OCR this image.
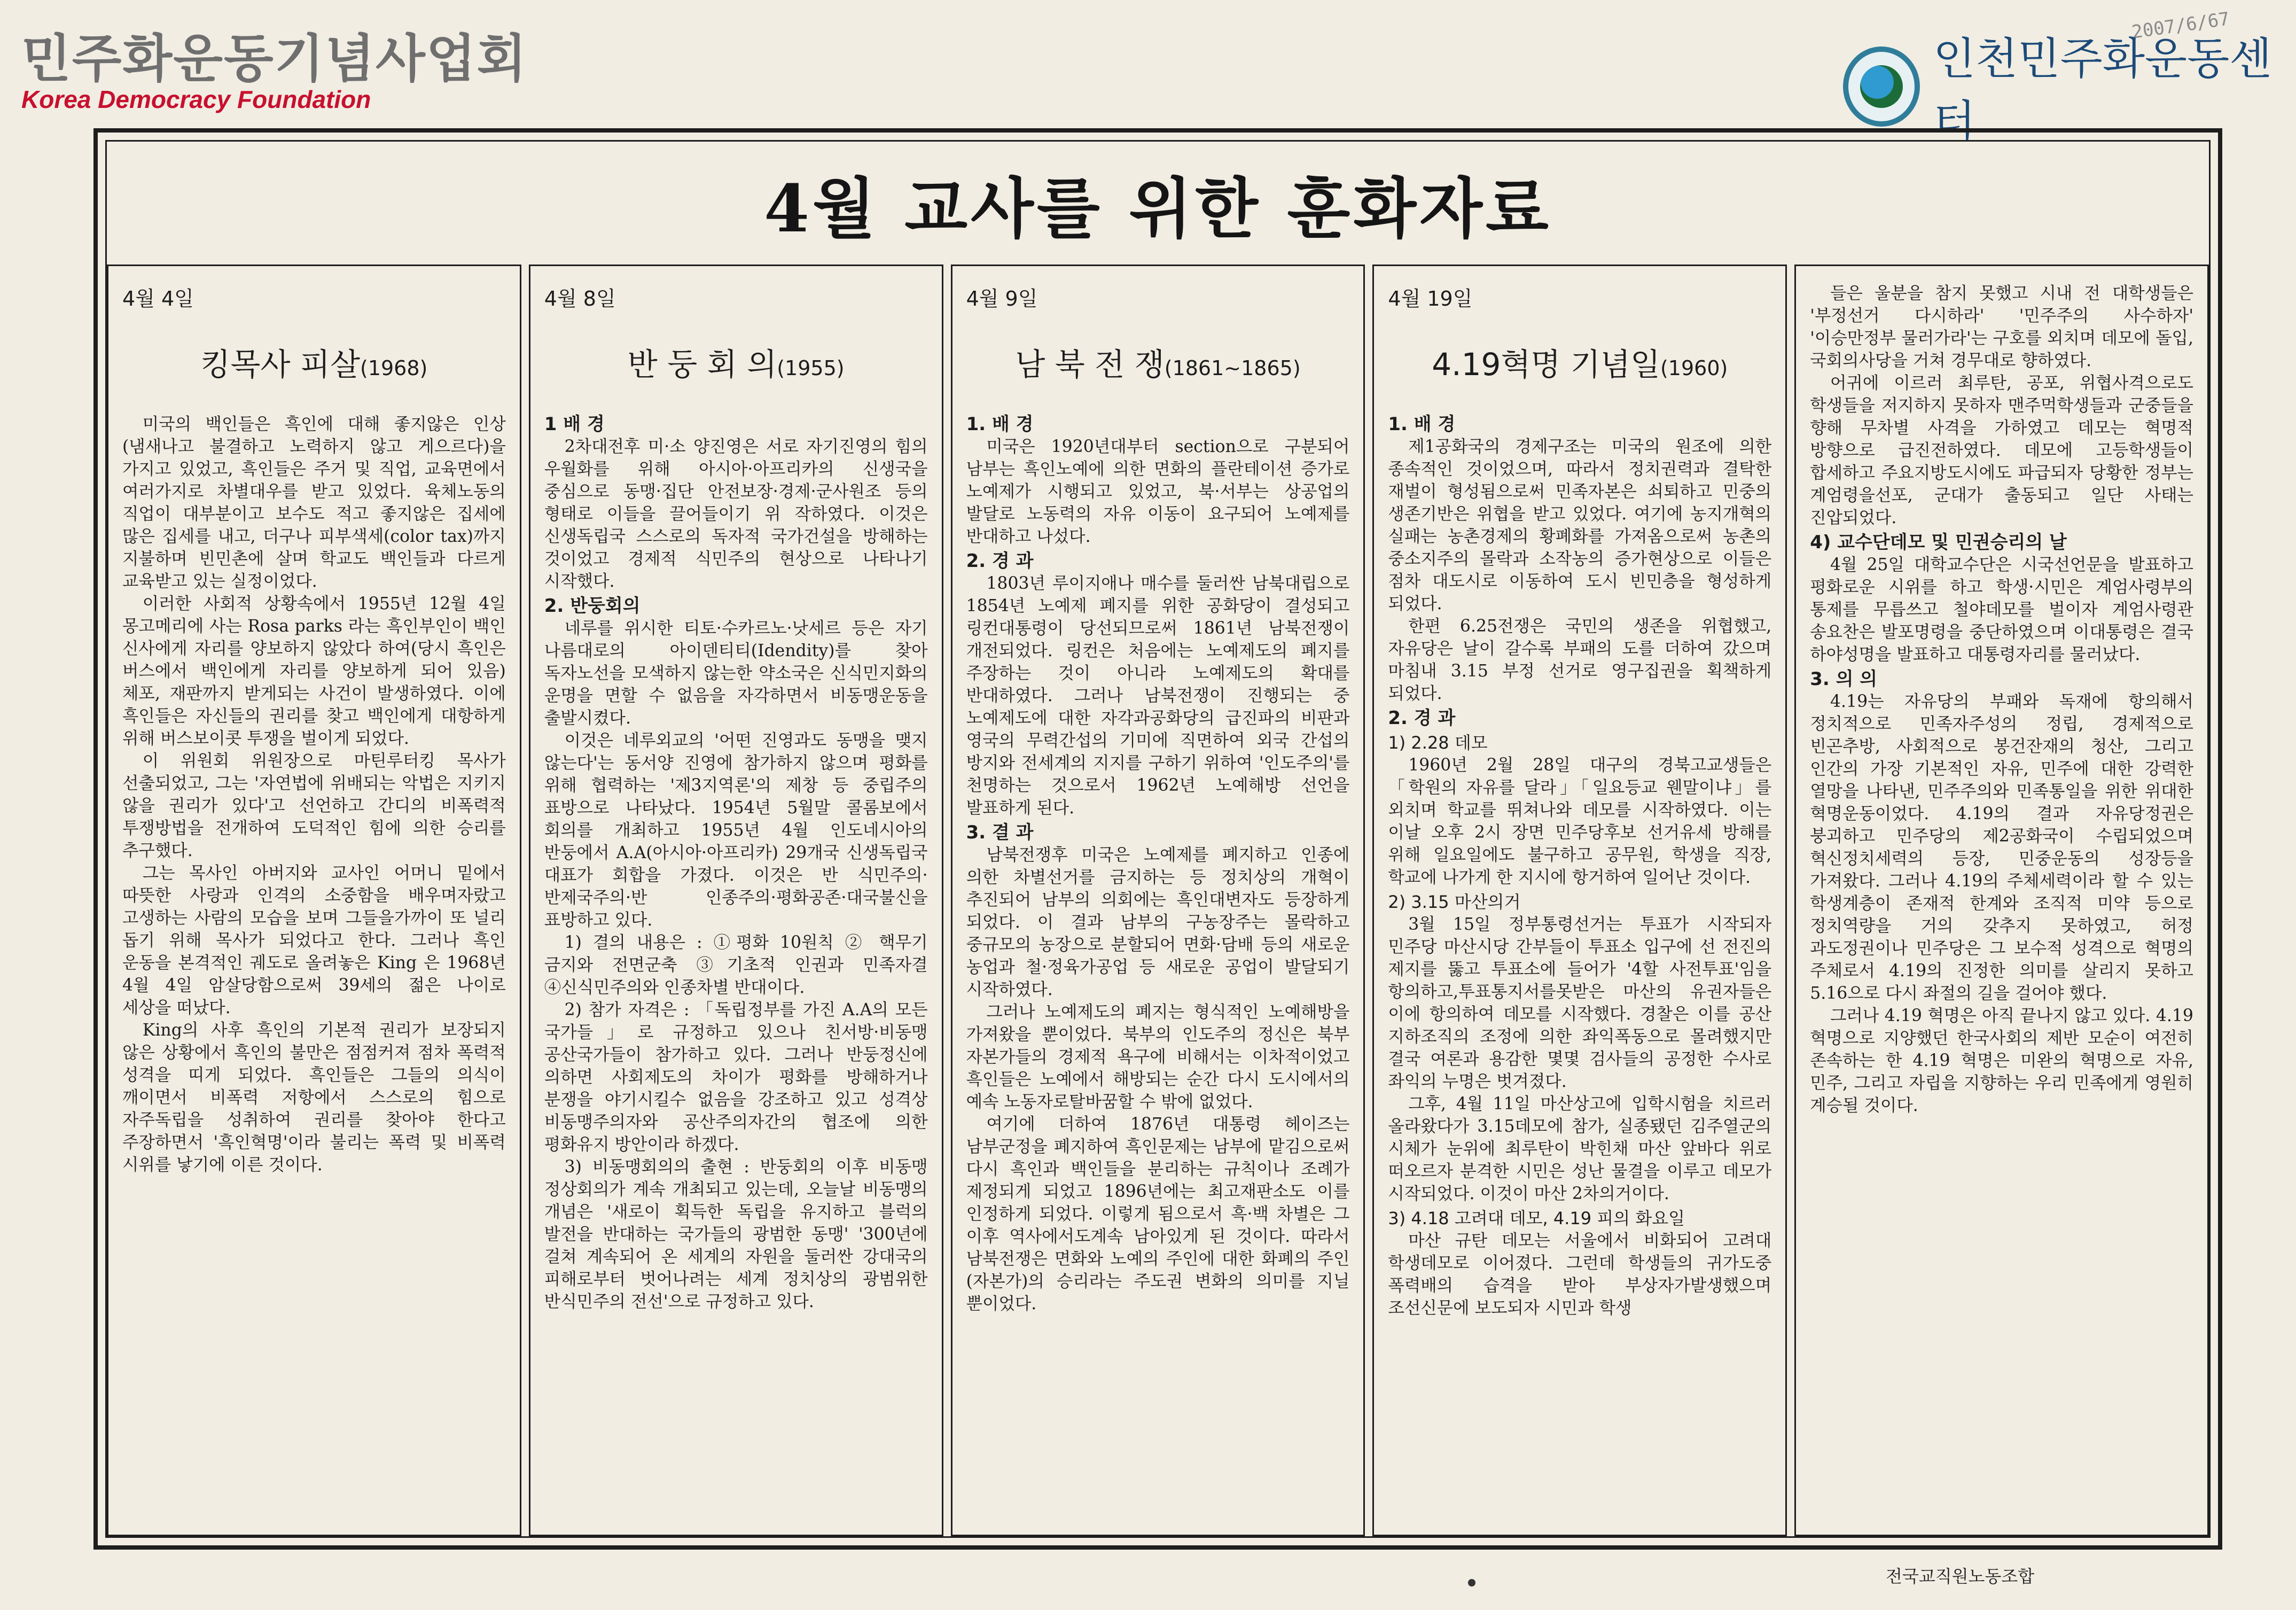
민주화운동기념사업회
Korea Democracy Foundation
2007/6/67
인천민주화운동센터
4월 교사를 위한 훈화자료
4월 4일
킹목사 피살(1968)

미국의 백인들은 흑인에 대해 좋지않은 인상(냄새나고 불결하고 노력하지 않고 게으르다)을 가지고 있었고, 흑인들은 주거 및 직업, 교육면에서 여러가지로 차별대우를 받고 있었다. 육체노동의 직업이 대부분이고 보수도 적고 좋지않은 집세에 많은 집세를 내고, 더구나 피부색세(color tax)까지 지불하며 빈민촌에 살며 학교도 백인들과 다르게 교육받고 있는 실정이었다.

이러한 사회적 상황속에서 1955년 12월 4일 몽고메리에 사는 Rosa parks 라는 흑인부인이 백인 신사에게 자리를 양보하지 않았다 하여(당시 흑인은 버스에서 백인에게 자리를 양보하게 되어 있음) 체포, 재판까지 받게되는 사건이 발생하였다. 이에 흑인들은 자신들의 권리를 찾고 백인에게 대항하게 위해 버스보이콧 투쟁을 벌이게 되었다.

이 위원회 위원장으로 마틴루터킹 목사가 선출되었고, 그는 '자연법에 위배되는 악법은 지키지 않을 권리가 있다'고 선언하고 간디의 비폭력적 투쟁방법을 전개하여 도덕적인 힘에 의한 승리를 추구했다.

그는 목사인 아버지와 교사인 어머니 밑에서 따뜻한 사랑과 인격의 소중함을 배우며자랐고 고생하는 사람의 모습을 보며 그들을가까이 또 널리 돕기 위해 목사가 되었다고 한다. 그러나 흑인 운동을 본격적인 궤도로 올려놓은 King 은 1968년 4월 4일 암살당함으로써 39세의 젊은 나이로 세상을 떠났다.

King의 사후 흑인의 기본적 권리가 보장되지 않은 상황에서 흑인의 불만은 점점커져 점차 폭력적 성격을 띠게 되었다. 흑인들은 그들의 의식이 깨이면서 비폭력 저항에서 스스로의 힘으로 자주독립을 성취하여 권리를 찾아야 한다고 주장하면서 '흑인혁명'이라 불리는 폭력 및 비폭력 시위를 낳기에 이른 것이다.

4월 8일
반 둥 회 의(1955)

1 배 경

2차대전후 미·소 양진영은 서로 자기진영의 힘의 우월화를 위해 아시아·아프리카의 신생국을 중심으로 동맹·집단 안전보장·경제·군사원조 등의 형태로 이들을 끌어들이기 위 작하였다. 이것은 신생독립국 스스로의 독자적 국가건설을 방해하는 것이었고 경제적 식민주의 현상으로 나타나기 시작했다.

2. 반둥회의

네루를 위시한 티토·수카르노·낫세르 등은 자기 나름대로의 아이덴티티(Idendity)를 찾아 독자노선을 모색하지 않는한 약소국은 신식민지화의 운명을 면할 수 없음을 자각하면서 비동맹운동을 출발시켰다.

이것은 네루외교의 '어떤 진영과도 동맹을 맺지 않는다'는 동서양 진영에 참가하지 않으며 평화를 위해 협력하는 '제3지역론'의 제창 등 중립주의 표방으로 나타났다. 1954년 5월말 콜롬보에서 회의를 개최하고 1955년 4월 인도네시아의 반둥에서 A.A(아시아·아프리카) 29개국 신생독립국 대표가 회합을 가졌다. 이것은 반 식민주의·반제국주의·반 인종주의·평화공존·대국불신을 표방하고 있다.

1) 결의 내용은 : ①평화 10원칙 ② 핵무기 금지와 전면군축 ③기초적 인권과 민족자결 ④신식민주의와 인종차별 반대이다.

2) 참가 자격은 : 「독립정부를 가진 A.A의 모든 국가들」로 규정하고 있으나 친서방·비동맹 공산국가들이 참가하고 있다. 그러나 반둥정신에 의하면 사회제도의 차이가 평화를 방해하거나 분쟁을 야기시킬수 없음을 강조하고 있고 성격상 비동맹주의자와 공산주의자간의 협조에 의한 평화유지 방안이라 하겠다.

3) 비동맹회의의 출현 : 반둥회의 이후 비동맹 정상회의가 계속 개최되고 있는데, 오늘날 비동맹의 개념은 '새로이 획득한 독립을 유지하고 블럭의 발전을 반대하는 국가들의 광범한 동맹' '300년에 걸쳐 계속되어 온 세계의 자원을 둘러싼 강대국의 피해로부터 벗어나려는 세계 정치상의 광범위한 반식민주의 전선'으로 규정하고 있다.

4월 9일
남 북 전 쟁(1861~1865)

1. 배 경

미국은 1920년대부터 section으로 구분되어 남부는 흑인노예에 의한 면화의 플란테이션 증가로 노예제가 시행되고 있었고, 북·서부는 상공업의 발달로 노동력의 자유 이동이 요구되어 노예제를 반대하고 나섰다.

2. 경 과

1803년 루이지애나 매수를 둘러싼 남북대립으로 1854년 노예제 폐지를 위한 공화당이 결성되고 링컨대통령이 당선되므로써 1861년 남북전쟁이 개전되었다. 링컨은 처음에는 노예제도의 폐지를 주장하는 것이 아니라 노예제도의 확대를 반대하였다. 그러나 남북전쟁이 진행되는 중 노예제도에 대한 자각과공화당의 급진파의 비판과 영국의 무력간섭의 기미에 직면하여 외국 간섭의 방지와 전세계의 지지를 구하기 위하여 '인도주의'를 천명하는 것으로서 1962년 노예해방 선언을 발표하게 된다.

3. 결 과

남북전쟁후 미국은 노예제를 폐지하고 인종에 의한 차별선거를 금지하는 등 정치상의 개혁이 추진되어 남부의 의회에는 흑인대변자도 등장하게 되었다. 이 결과 남부의 구농장주는 몰락하고 중규모의 농장으로 분할되어 면화·담배 등의 새로운 농업과 철·정육가공업 등 새로운 공업이 발달되기 시작하였다.

그러나 노예제도의 폐지는 형식적인 노예해방을 가져왔을 뿐이었다. 북부의 인도주의 정신은 북부 자본가들의 경제적 욕구에 비해서는 이차적이었고 흑인들은 노예에서 해방되는 순간 다시 도시에서의 예속 노동자로탈바꿈할 수 밖에 없었다.

여기에 더하여 1876년 대통령 헤이즈는 남부군정을 폐지하여 흑인문제는 남부에 맡김으로써 다시 흑인과 백인들을 분리하는 규칙이나 조례가 제정되게 되었고 1896년에는 최고재판소도 이를 인정하게 되었다. 이렇게 됨으로서 흑·백 차별은 그 이후 역사에서도계속 남아있게 된 것이다. 따라서 남북전쟁은 면화와 노예의 주인에 대한 화폐의 주인(자본가)의 승리라는 주도권 변화의 의미를 지닐 뿐이었다.

4월 19일
4.19혁명 기념일(1960)

1. 배 경

제1공화국의 경제구조는 미국의 원조에 의한 종속적인 것이었으며, 따라서 정치권력과 결탁한 재벌이 형성됨으로써 민족자본은 쇠퇴하고 민중의 생존기반은 위협을 받고 있었다. 여기에 농지개혁의 실패는 농촌경제의 황폐화를 가져옴으로써 농촌의 중소지주의 몰락과 소작농의 증가현상으로 이들은 점차 대도시로 이동하여 도시 빈민층을 형성하게 되었다.

한편 6.25전쟁은 국민의 생존을 위협했고, 자유당은 날이 갈수록 부패의 도를 더하여 갔으며 마침내 3.15 부정 선거로 영구집권을 획책하게 되었다.

2. 경 과

1) 2.28 데모

1960년 2월 28일 대구의 경북고교생들은 「학원의 자유를 달라」「일요등교 웬말이냐」를 외치며 학교를 뛰쳐나와 데모를 시작하였다. 이는 이날 오후 2시 장면 민주당후보 선거유세 방해를 위해 일요일에도 불구하고 공무원, 학생을 직장, 학교에 나가게 한 지시에 항거하여 일어난 것이다.

2) 3.15 마산의거

3월 15일 정부통령선거는 투표가 시작되자 민주당 마산시당 간부들이 투표소 입구에 선 전진의 제지를 뚫고 투표소에 들어가 '4할 사전투표'임을 항의하고,투표통지서를못받은 마산의 유권자들은 이에 항의하여 데모를 시작했다. 경찰은 이를 공산 지하조직의 조정에 의한 좌익폭동으로 몰려했지만 결국 여론과 용감한 몇몇 검사들의 공정한 수사로 좌익의 누명은 벗겨졌다.

그후, 4월 11일 마산상고에 입학시험을 치르러 올라왔다가 3.15데모에 참가, 실종됐던 김주열군의 시체가 눈위에 최루탄이 박힌채 마산 앞바다 위로 떠오르자 분격한 시민은 성난 물결을 이루고 데모가 시작되었다. 이것이 마산 2차의거이다.

3) 4.18 고려대 데모, 4.19 피의 화요일

마산 규탄 데모는 서울에서 비화되어 고려대 학생데모로 이어졌다. 그런데 학생들의 귀가도중 폭력배의 습격을 받아 부상자가발생했으며 조선신문에 보도되자 시민과 학생

들은 울분을 참지 못했고 시내 전 대학생들은 '부정선거 다시하라' '민주주의 사수하자' '이승만정부 물러가라'는 구호를 외치며 데모에 돌입, 국회의사당을 거쳐 경무대로 향하였다.

어귀에 이르러 최루탄, 공포, 위협사격으로도 학생들을 저지하지 못하자 맨주먹학생들과 군중들을 향해 무차별 사격을 가하였고 데모는 혁명적 방향으로 급진전하였다. 데모에 고등학생들이 합세하고 주요지방도시에도 파급되자 당황한 정부는 계엄령을선포, 군대가 출동되고 일단 사태는 진압되었다.

4) 교수단데모 및 민권승리의 날

4월 25일 대학교수단은 시국선언문을 발표하고 평화로운 시위를 하고 학생·시민은 계엄사령부의 통제를 무릅쓰고 철야데모를 벌이자 계엄사령관 송요찬은 발포명령을 중단하였으며 이대통령은 결국 하야성명을 발표하고 대통령자리를 물러났다.

3. 의 의

4.19는 자유당의 부패와 독재에 항의해서 정치적으로 민족자주성의 정립, 경제적으로 빈곤추방, 사회적으로 봉건잔재의 청산, 그리고 인간의 가장 기본적인 자유, 민주에 대한 강력한 열망을 나타낸, 민주주의와 민족통일을 위한 위대한 혁명운동이었다. 4.19의 결과 자유당정권은 붕괴하고 민주당의 제2공화국이 수립되었으며 혁신정치세력의 등장, 민중운동의 성장등을 가져왔다. 그러나 4.19의 주체세력이라 할 수 있는 학생계층이 존재적 한계와 조직적 미약 등으로 정치역량을 거의 갖추지 못하였고, 허정 과도정권이나 민주당은 그 보수적 성격으로 혁명의 주체로서 4.19의 진정한 의미를 살리지 못하고 5.16으로 다시 좌절의 길을 걸어야 했다.

그러나 4.19 혁명은 아직 끝나지 않고 있다. 4.19 혁명으로 지양했던 한국사회의 제반 모순이 여전히 존속하는 한 4.19 혁명은 미완의 혁명으로 자유, 민주, 그리고 자립을 지향하는 우리 민족에게 영원히 계승될 것이다.

전국교직원노동조합
